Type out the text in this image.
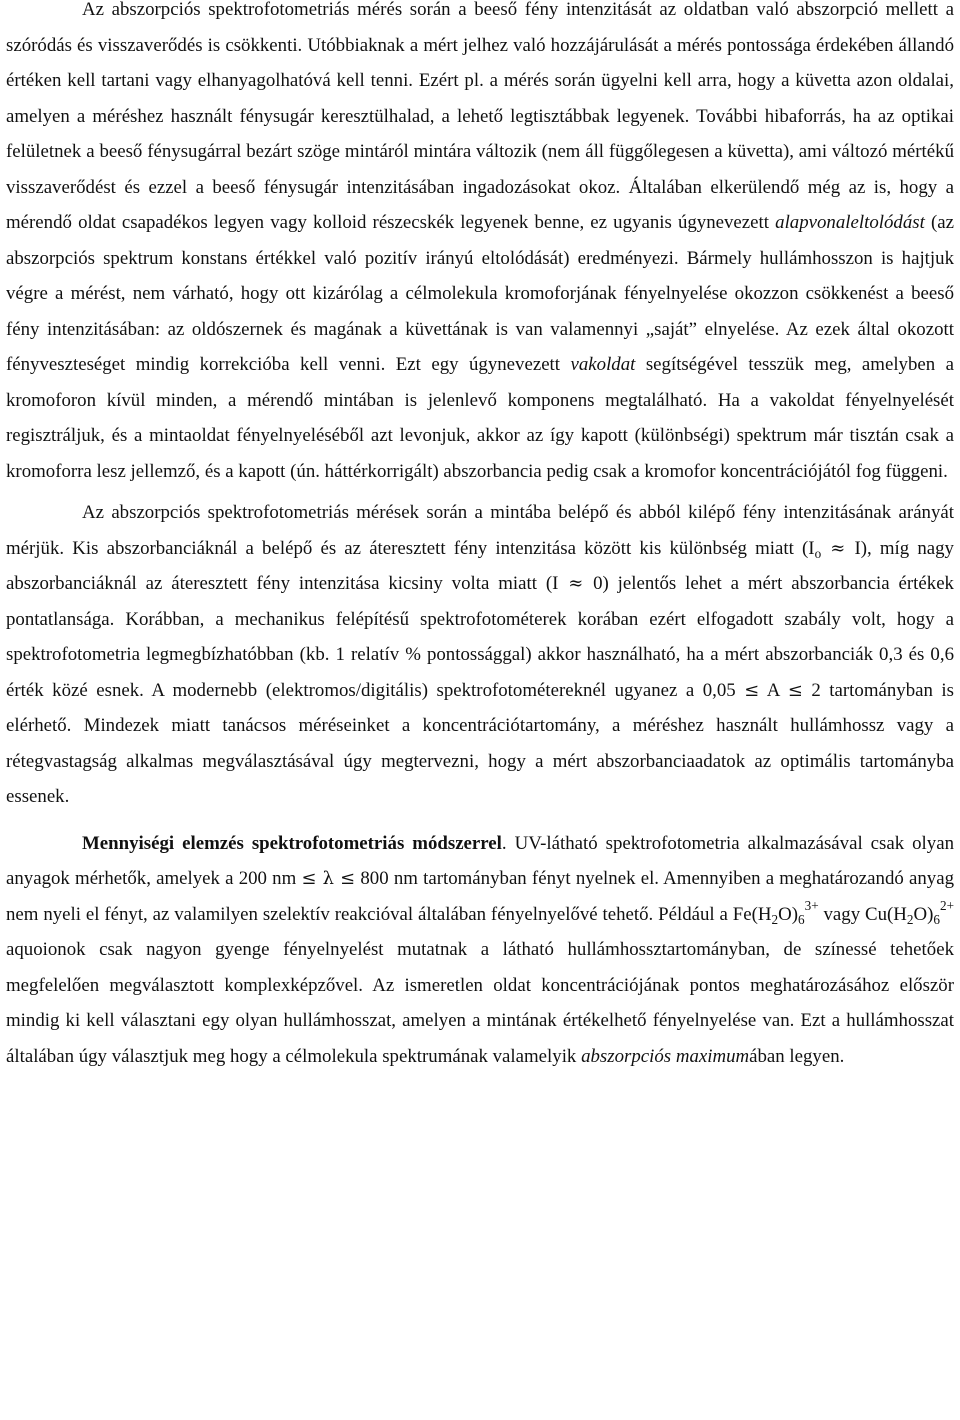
Az abszorpciós spektrofotometriás mérés során a beeső fény intenzitását az oldatban való abszorpció mellett a szóródás és visszaverődés is csökkenti. Utóbbiaknak a mért jelhez való hozzájárulását a mérés pontossága érdekében állandó értéken kell tartani vagy elhanyagolhatóvá kell tenni. Ezért pl. a mérés során ügyelni kell arra, hogy a küvetta azon oldalai, amelyen a méréshez használt fénysugár keresztülhalad, a lehető legtisztábbak legyenek. További hibaforrás, ha az optikai felületnek a beeső fénysugárral bezárt szöge mintáról mintára változik (nem áll függőlegesen a küvetta), ami változó mértékű visszaverődést és ezzel a beeső fénysugár intenzitásában ingadozásokat okoz. Általában elkerülendő még az is, hogy a mérendő oldat csapadékos legyen vagy kolloid részecskék legyenek benne, ez ugyanis úgynevezett alapvonaleltolódást (az abszorpciós spektrum konstans értékkel való pozitív irányú eltolódását) eredményezi. Bármely hullámhosszon is hajtjuk végre a mérést, nem várható, hogy ott kizárólag a célmolekula kromoforjának fényelnyelése okozzon csökkenést a beeső fény intenzitásában: az oldószernek és magának a küvettának is van valamennyi „saját” elnyelése. Az ezek által okozott fényveszteséget mindig korrekcióba kell venni. Ezt egy úgynevezett vakoldat segítségével tesszük meg, amelyben a kromoforon kívül minden, a mérendő mintában is jelenlevő komponens megtalálható. Ha a vakoldat fényelnyelését regisztráljuk, és a mintaoldat fényelnyeléséből azt levonjuk, akkor az így kapott (különbségi) spektrum már tisztán csak a kromoforra lesz jellemző, és a kapott (ún. háttérkorrigált) abszorbancia pedig csak a kromofor koncentrációjától fog függeni.

Az abszorpciós spektrofotometriás mérések során a mintába belépő és abból kilépő fény intenzitásának arányát mérjük. Kis abszorbanciáknál a belépő és az áteresztett fény intenzitása között kis különbség miatt $(I_o \approx I)$, míg nagy abszorbanciáknál az áteresztett fény intenzitása kicsiny volta miatt (I ≈ 0) jelentős lehet a mért abszorbancia értékek pontatlansága. Korábban, a mechanikus felépítésű spektrofotométerek korában ezért elfogadott szabály volt, hogy a spektrofotometria legmegbízhatóbban (kb. 1 relatív % pontossággal) akkor használható, ha a mért abszorbanciák 0,3 és 0,6 érték közé esnek. A modernebb (elektromos/digitális) spektrofotométereknél ugyanez a 0,05 ≤ A ≤ 2 tartományban is elérhető. Mindezek miatt tanácsos méréseinket a koncentrációtartomány, a méréshez használt hullámhossz vagy a rétegvastagság alkalmas megválasztásával úgy megtervezni, hogy a mért abszorbanciaadatok az optimális tartományba essenek.

Mennyiségi elemzés spektrofotometriás módszerrel. UV-látható spektrofotometria alkalmazásával csak olyan anyagok mérhetők, amelyek a 200 nm ≤ λ ≤ 800 nm tartományban fényt nyelnek el. Amennyiben a meghatározandó anyag nem nyeli el fényt, az valamilyen szelektív reakcióval általában fényelnyelővé tehető. Például a $Fe(H_2O)_6^{3+}$ vagy $Cu(H_2O)_6^{2+}$ aquoionok csak nagyon gyenge fényelnyelést mutatnak a látható hullámhossztartományban, de színessé tehetőek megfelelően megválasztott komplexképzővel. Az ismeretlen oldat koncentrációjának pontos meghatározásához először mindig ki kell választani egy olyan hullámhosszat, amelyen a mintának értékelhető fényelnyelése van. Ezt a hullámhosszat általában úgy választjuk meg hogy a célmolekula spektrumának valamelyik abszorpciós maximumában legyen.
